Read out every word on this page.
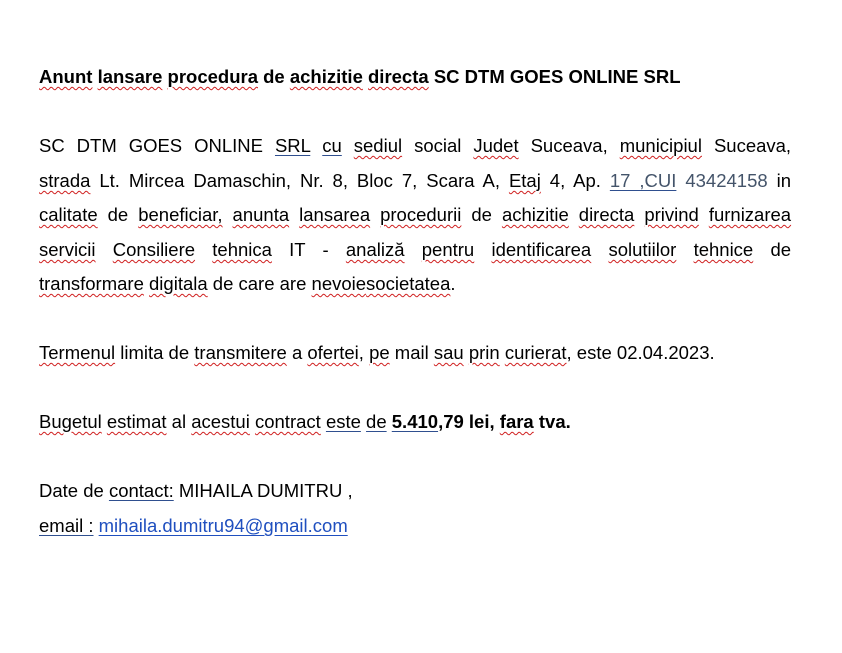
Anunt lansare procedura de achizitie directa SC DTM GOES ONLINE SRL
SC DTM GOES ONLINE SRL cu sediul social Judet Suceava, municipiul Suceava,
strada Lt. Mircea Damaschin, Nr. 8, Bloc 7, Scara A, Etaj 4, Ap. 17 ,CUI 43424158 in
calitate de beneficiar, anunta lansarea procedurii de achizitie directa privind furnizarea
servicii Consiliere tehnica IT - analiză pentru identificarea solutiilor tehnice de
transformare digitala de care are nevoiesocietatea.
Termenul limita de transmitere a ofertei, pe mail sau prin curierat, este 02.04.2023.
Bugetul estimat al acestui contract este de 5.410,79 lei, fara tva.
Date de contact: MIHAILA DUMITRU ,
email : mihaila.dumitru94@gmail.com
